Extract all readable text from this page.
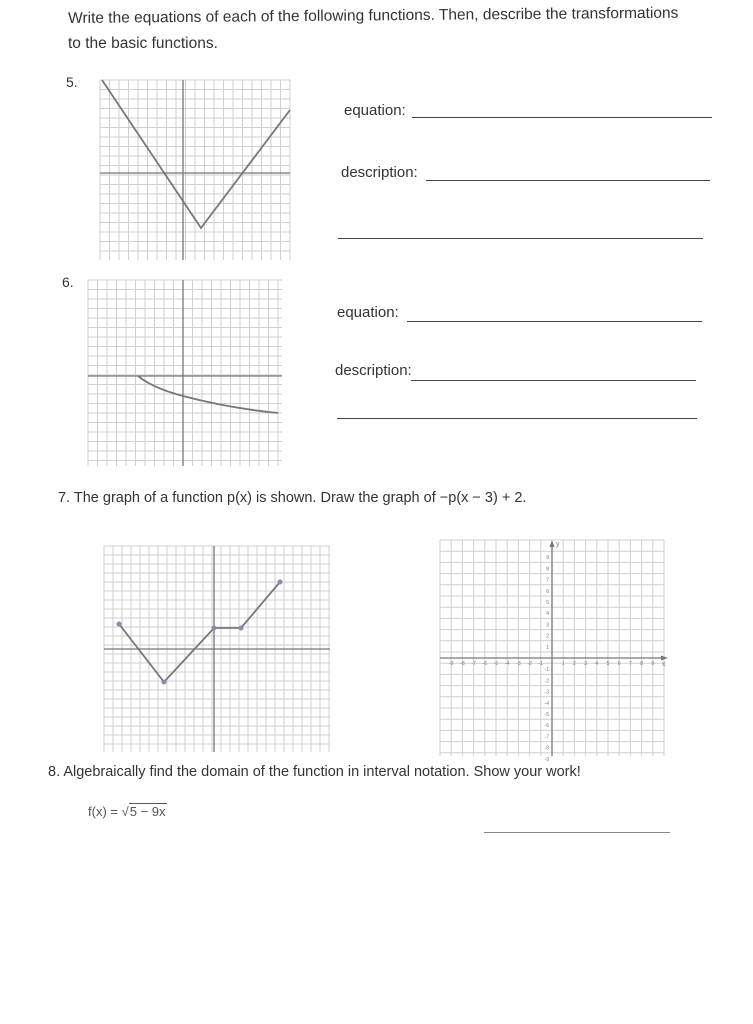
Write the equations of each of the following functions. Then, describe the transformations
to the basic functions.
5.
equation:
description:
6.
equation:
description:
7. The graph of a function p(x) is shown. Draw the graph of −p(x − 3) + 2.
-9 -8 -7 -6 -5 -4 -3 -2 -1	1 2 3 4 5 6 7 8 9
1
2
3
4
5
6
7
8
9
-1
-2
-3
-4
-5
-6
-7
-8
-9
x
y
8. Algebraically find the domain of the function in interval notation. Show your work!
f(x) = √5 − 9x
